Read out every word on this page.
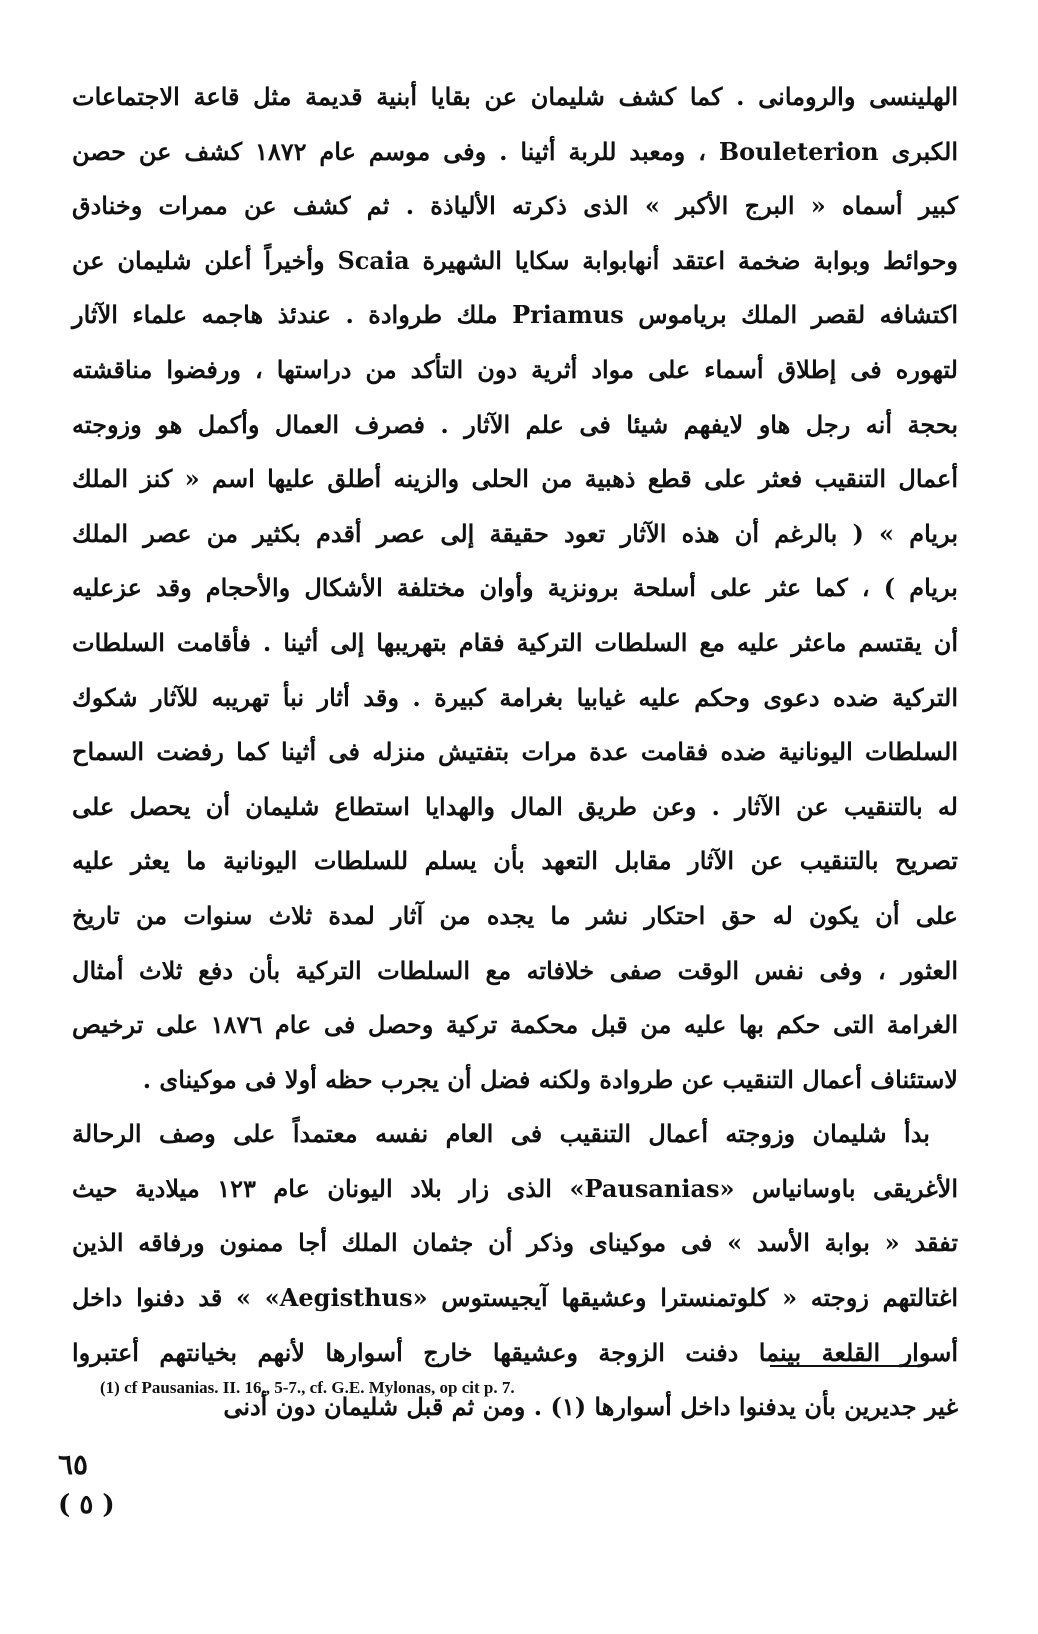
الهلينسى والرومانى . كما كشف شليمان عن بقايا أبنية قديمة مثل قاعة الاجتماعات
الكبرى Bouleterion ، ومعبد للربة أثينا . وفى موسم عام ١٨٧٢ كشف عن حصن
كبير أسماه « البرج الأكبر » الذى ذكرته الألياذة . ثم كشف عن ممرات وخنادق
وحوائط وبوابة ضخمة اعتقد أنهابوابة سكايا الشهيرة Scaia وأخيراً أعلن شليمان عن
اكتشافه لقصر الملك برياموس Priamus ملك طروادة . عندئذ هاجمه علماء الآثار
لتهوره فى إطلاق أسماء على مواد أثرية دون التأكد من دراستها ، ورفضوا مناقشته
بحجة أنه رجل هاو لايفهم شيئا فى علم الآثار . فصرف العمال وأكمل هو وزوجته
أعمال التنقيب فعثر على قطع ذهبية من الحلى والزينه أطلق عليها اسم « كنز الملك
بريام » ( بالرغم أن هذه الآثار تعود حقيقة إلى عصر أقدم بكثير من عصر الملك
بريام ) ، كما عثر على أسلحة برونزية وأوان مختلفة الأشكال والأحجام وقد عزعليه
أن يقتسم ماعثر عليه مع السلطات التركية فقام بتهريبها إلى أثينا . فأقامت السلطات
التركية ضده دعوى وحكم عليه غيابيا بغرامة كبيرة . وقد أثار نبأ تهريبه للآثار شكوك
السلطات اليونانية ضده فقامت عدة مرات بتفتيش منزله فى أثينا كما رفضت السماح
له بالتنقيب عن الآثار . وعن طريق المال والهدايا استطاع شليمان أن يحصل على
تصريح بالتنقيب عن الآثار مقابل التعهد بأن يسلم للسلطات اليونانية ما يعثر عليه
على أن يكون له حق احتكار نشر ما يجده من آثار لمدة ثلاث سنوات من تاريخ
العثور ، وفى نفس الوقت صفى خلافاته مع السلطات التركية بأن دفع ثلاث أمثال
الغرامة التى حكم بها عليه من قبل محكمة تركية وحصل فى عام ١٨٧٦ على ترخيص
لاستئناف أعمال التنقيب عن طروادة ولكنه فضل أن يجرب حظه أولا فى موكيناى .
بدأ شليمان وزوجته أعمال التنقيب فى العام نفسه معتمداً على وصف الرحالة
الأغريقى باوسانياس «Pausanias» الذى زار بلاد اليونان عام ١٢٣ ميلادية حيث
تفقد « بوابة الأسد » فى موكيناى وذكر أن جثمان الملك أجا ممنون ورفاقه الذين
اغتالتهم زوجته « كلوتمنسترا وعشيقها آيجيستوس «Aegisthus» » قد دفنوا داخل
أسوار القلعة بينما دفنت الزوجة وعشيقها خارج أسوارها لأنهم بخيانتهم أعتبروا
غير جديرين بأن يدفنوا داخل أسوارها (١) . ومن ثم قبل شليمان دون أدنى
(1) cf Pausanias. II. 16., 5-7., cf. G.E. Mylonas, op cit p. 7.
٦٥
( ٥ )
